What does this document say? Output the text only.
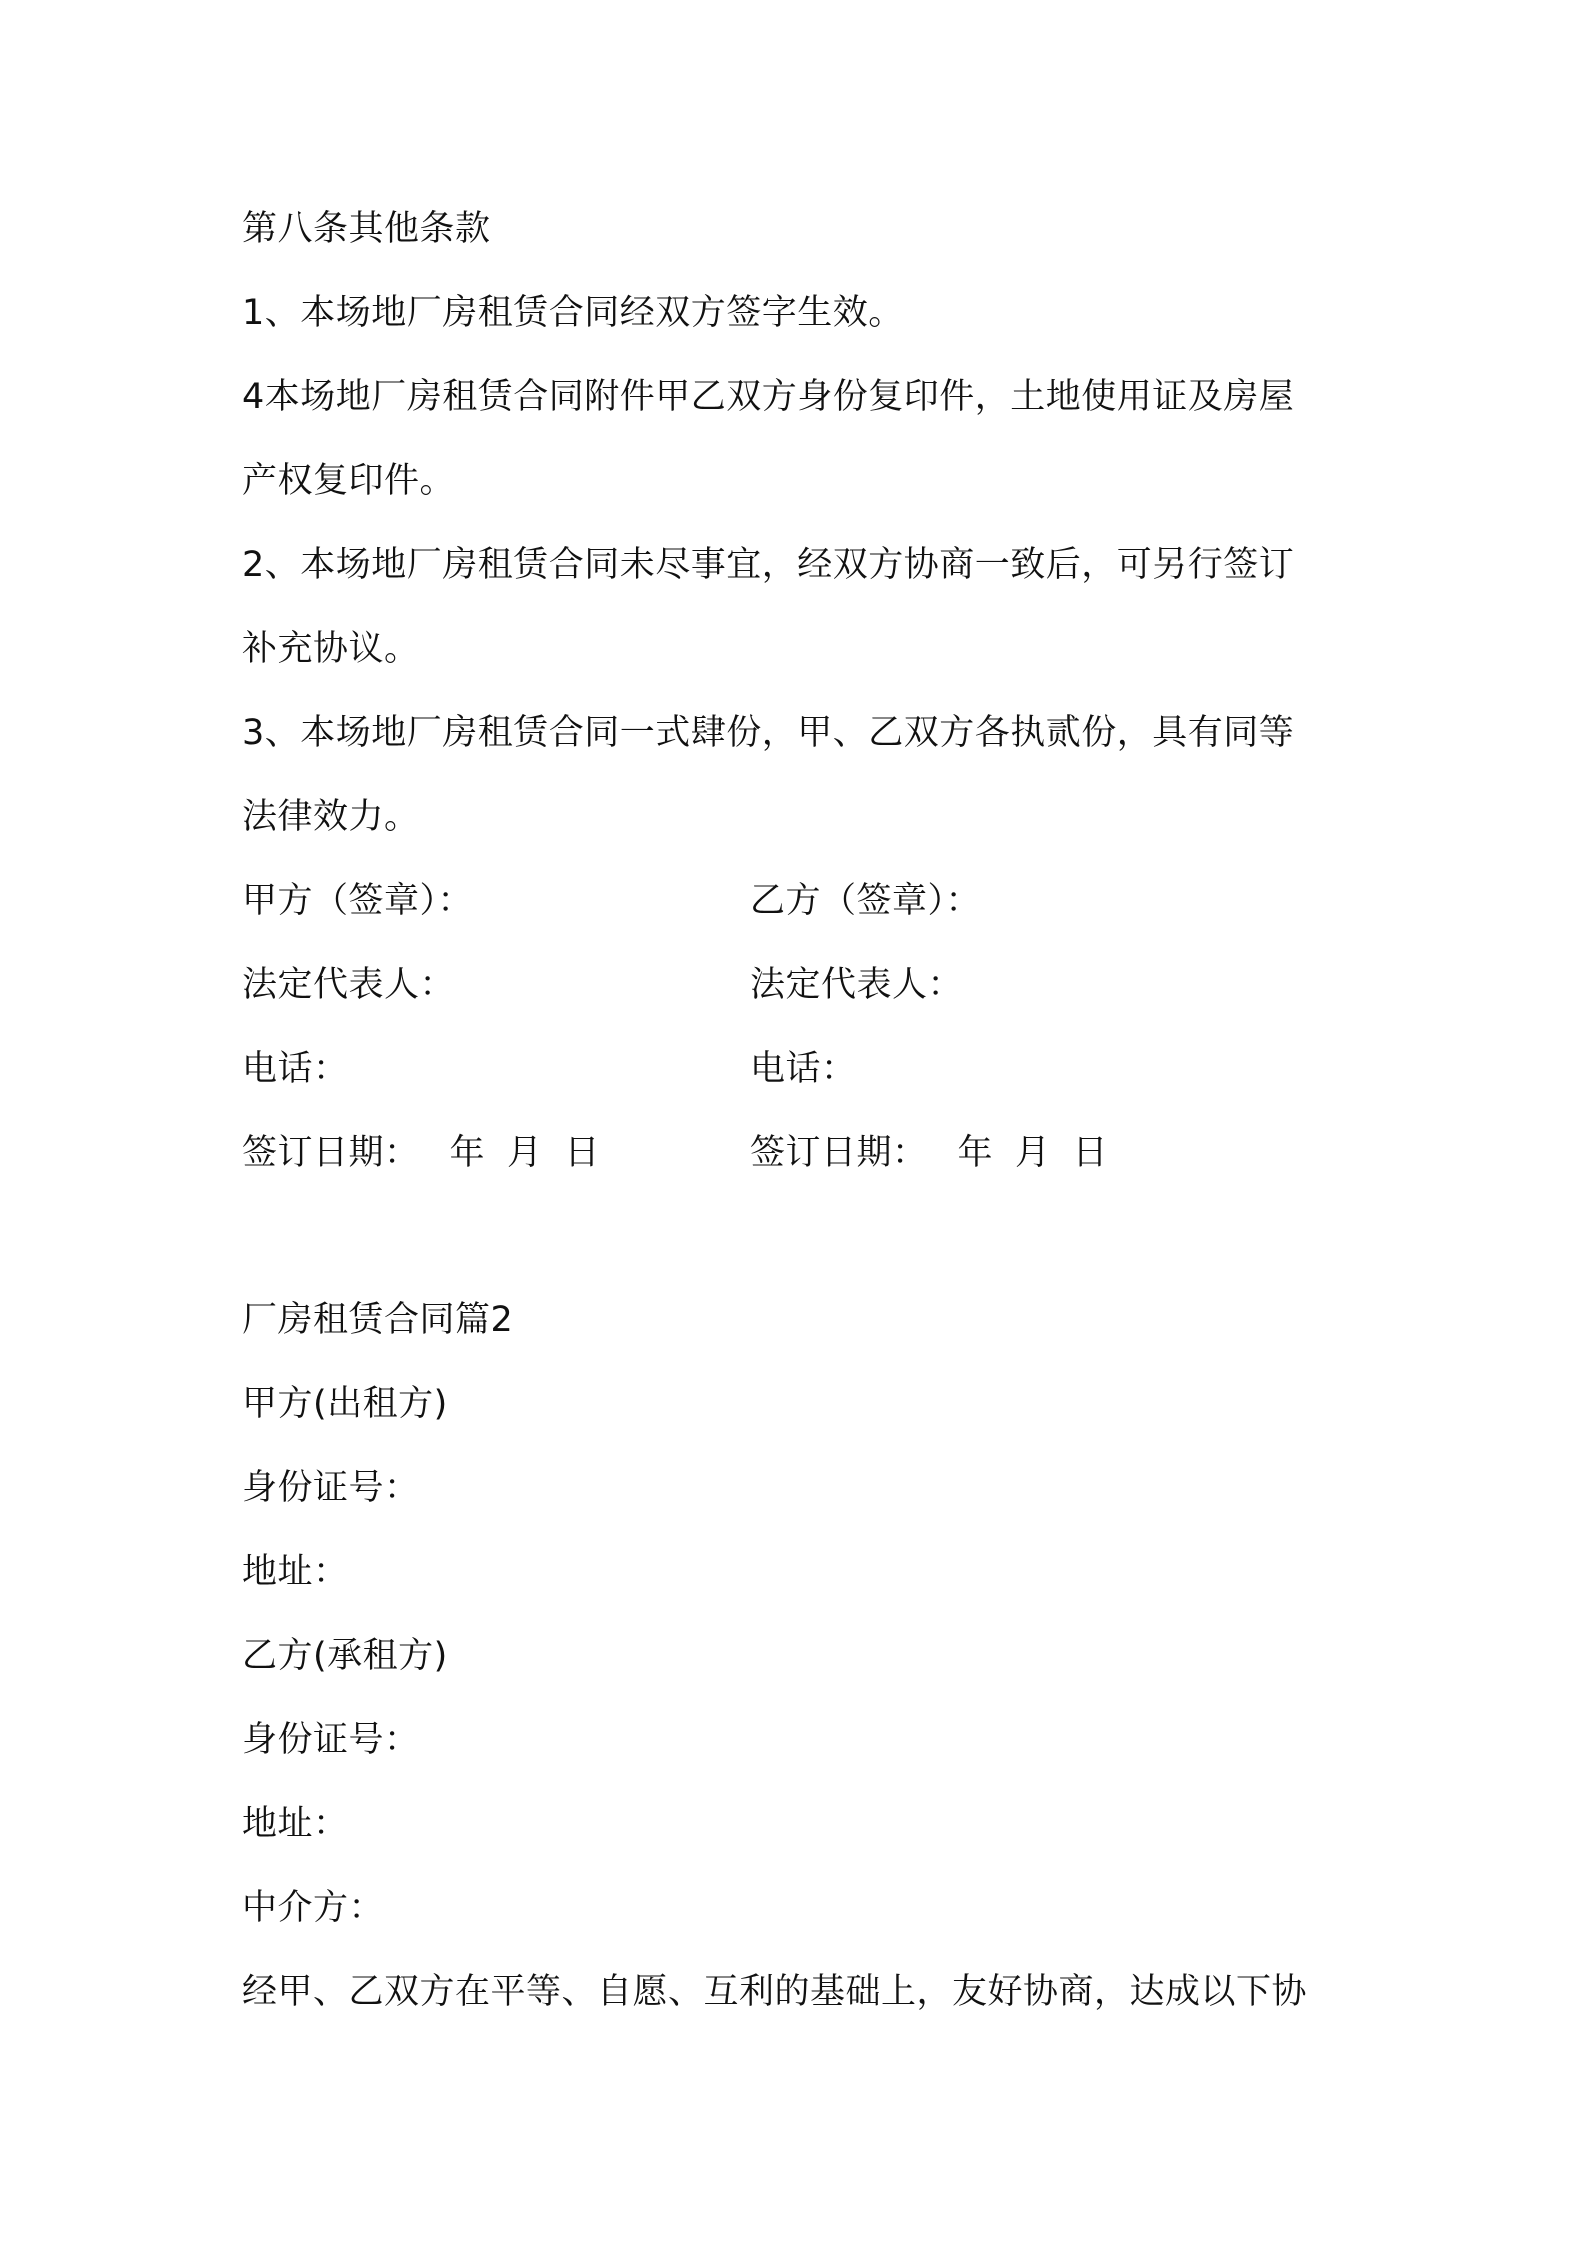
第八条其他条款
1、本场地厂房租赁合同经双方签字生效。
4本场地厂房租赁合同附件甲乙双方身份复印件，土地使用证及房屋
产权复印件。
2、本场地厂房租赁合同未尽事宜，经双方协商一致后，可另行签订
补充协议。
3、本场地厂房租赁合同一式肆份，甲、乙双方各执贰份，具有同等
法律效力。
甲方（签章）：	乙方（签章）：
法定代表人：	法定代表人：
电话：	电话：
签订日期： 年 月 日	签订日期： 年 月 日
厂房租赁合同篇2
甲方(出租方)
身份证号：
地址：
乙方(承租方)
身份证号：
地址：
中介方：
经甲、乙双方在平等、自愿、互利的基础上，友好协商，达成以下协
